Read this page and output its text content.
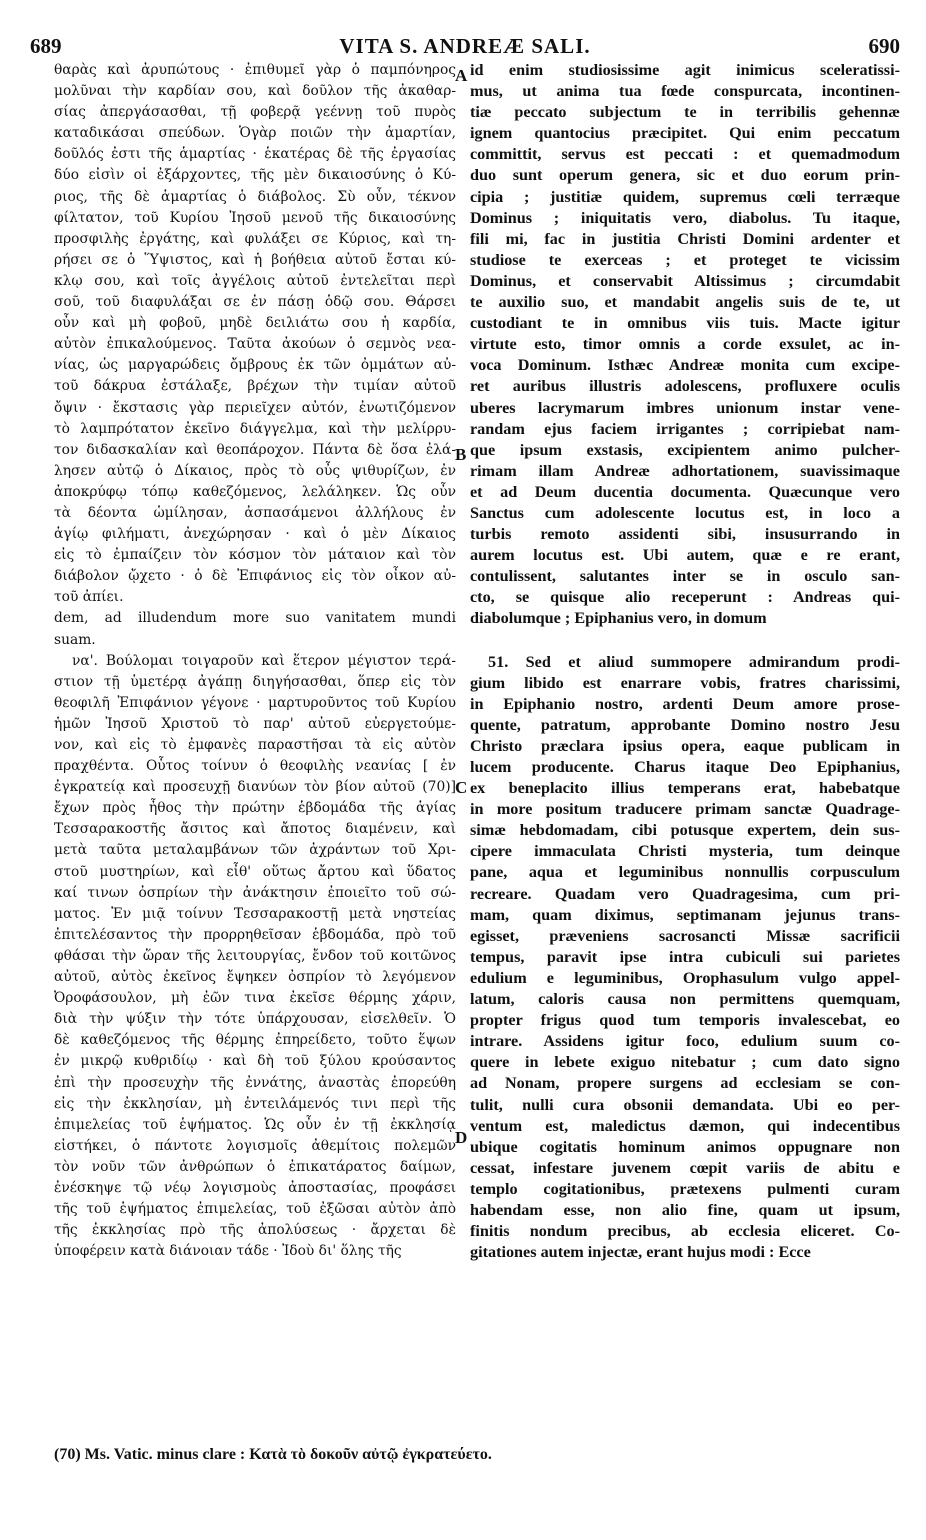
689	VITA S. ANDREÆ SALI.	690
θαρὰς καὶ ἀρυπώτους · ἐπιθυμεῖ γὰρ ὁ παμπόνηρος
μολῦναι τὴν καρδίαν σου, καὶ δοῦλον τῆς ἀκαθαρ-
σίας ἀπεργάσασθαι, τῇ φοβερᾷ γεέννῃ τοῦ πυρὸς
καταδικάσαι σπεύδων. Ὁγὰρ ποιῶν τὴν ἁμαρτίαν,
δοῦλός ἐστι τῆς ἁμαρτίας · ἑκατέρας δὲ τῆς ἐργασίας
δύο εἰσὶν οἱ ἐξάρχοντες, τῆς μὲν δικαιοσύνης ὁ Κύ-
ριος, τῆς δὲ ἁμαρτίας ὁ διάβολος. Σὺ οὖν, τέκνον
φίλτατον, τοῦ Κυρίου Ἰησοῦ μενοῦ τῆς δικαιοσύνης
προσφιλὴς ἐργάτης, καὶ φυλάξει σε Κύριος, καὶ τη-
ρήσει σε ὁ Ὕψιστος, καὶ ἡ βοήθεια αὐτοῦ ἔσται κύ-
κλῳ σου, καὶ τοῖς ἀγγέλοις αὐτοῦ ἐντελεῖται περὶ
σοῦ, τοῦ διαφυλάξαι σε ἐν πάσῃ ὁδῷ σου. Θάρσει
οὖν καὶ μὴ φοβοῦ, μηδὲ δειλιάτω σου ἡ καρδία,
αὐτὸν ἐπικαλούμενος. Ταῦτα ἀκούων ὁ σεμνὸς νεα-
νίας, ὡς μαργαρώδεις ὄμβρους ἐκ τῶν ὀμμάτων αὐ-
τοῦ δάκρυα ἐστάλαξε, βρέχων τὴν τιμίαν αὐτοῦ
ὄψιν · ἔκστασις γὰρ περιεῖχεν αὐτόν, ἐνωτιζόμενον
τὸ λαμπρότατον ἐκεῖνο διάγγελμα, καὶ τὴν μελίρρυ-
τον διδασκαλίαν καὶ θεοπάροχον. Πάντα δὲ ὅσα ἐλά-
λησεν αὐτῷ ὁ Δίκαιος, πρὸς τὸ οὖς ψιθυρίζων, ἐν
ἀποκρύφῳ τόπῳ καθεζόμενος, λελάληκεν. Ὡς οὖν
τὰ δέοντα ὡμίλησαν, ἀσπασάμενοι ἀλλήλους ἐν
ἁγίῳ φιλήματι, ἀνεχώρησαν · καὶ ὁ μὲν Δίκαιος
εἰς τὸ ἐμπαίζειν τὸν κόσμον τὸν μάταιον καὶ τὸν
διάβολον ᾤχετο · ὁ δὲ Ἐπιφάνιος εἰς τὸν οἶκον αὐ-
τοῦ ἀπίει.
dem, ad illudendum more suo vanitatem mundi
suam.
να'. Βούλομαι τοιγαροῦν καὶ ἕτερον μέγιστον τερά-
στιον τῇ ὑμετέρᾳ ἀγάπῃ διηγήσασθαι, ὅπερ εἰς τὸν
θεοφιλῆ Ἐπιφάνιον γέγονε · μαρτυροῦντος τοῦ Κυρίου
ἡμῶν Ἰησοῦ Χριστοῦ τὸ παρ' αὐτοῦ εὐεργετούμε-
νον, καὶ εἰς τὸ ἐμφανὲς παραστῆσαι τὰ εἰς αὐτὸν
πραχθέντα. Οὗτος τοίνυν ὁ θεοφιλὴς νεανίας [ ἐν
ἐγκρατείᾳ καὶ προσευχῇ διανύων τὸν βίον αὐτοῦ (70)]
ἔχων πρὸς ἦθος τὴν πρώτην ἑβδομάδα τῆς ἁγίας
Τεσσαρακοστῆς ἄσιτος καὶ ἄποτος διαμένειν, καὶ
μετὰ ταῦτα μεταλαμβάνων τῶν ἀχράντων τοῦ Χρι-
στοῦ μυστηρίων, καὶ εἶθ' οὕτως ἄρτου καὶ ὕδατος
καί τινων ὀσπρίων τὴν ἀνάκτησιν ἐποιεῖτο τοῦ σώ-
ματος. Ἐν μιᾷ τοίνυν Τεσσαρακοστῇ μετὰ νηστείας
ἐπιτελέσαντος τὴν προρρηθεῖσαν ἑβδομάδα, πρὸ τοῦ
φθάσαι τὴν ὥραν τῆς λειτουργίας, ἔνδον τοῦ κοιτῶνος
αὐτοῦ, αὐτὸς ἐκεῖνος ἔψηκεν ὀσπρίον τὸ λεγόμενον
Ὀροφάσουλον, μὴ ἐῶν τινα ἐκεῖσε θέρμης χάριν,
διὰ τὴν ψύξιν τὴν τότε ὑπάρχουσαν, εἰσελθεῖν. Ὁ
δὲ καθεζόμενος τῆς θέρμης ἐπηρείδετο, τοῦτο ἕψων
ἐν μικρῷ κυθριδίῳ · καὶ δὴ τοῦ ξύλου κρούσαντος
ἐπὶ τὴν προσευχὴν τῆς ἐννάτης, ἀναστὰς ἐπορεύθη
εἰς τὴν ἐκκλησίαν, μὴ ἐντειλάμενός τινι περὶ τῆς
ἐπιμελείας τοῦ ἑψήματος. Ὡς οὖν ἐν τῇ ἐκκλησίᾳ
εἰστήκει, ὁ πάντοτε λογισμοῖς ἀθεμίτοις πολεμῶν
τὸν νοῦν τῶν ἀνθρώπων ὁ ἐπικατάρατος δαίμων,
ἐνέσκηψε τῷ νέῳ λογισμοὺς ἀποστασίας, προφάσει
τῆς τοῦ ἑψήματος ἐπιμελείας, τοῦ ἐξῶσαι αὐτὸν ἀπὸ
τῆς ἐκκλησίας πρὸ τῆς ἀπολύσεως · ἄρχεται δὲ
ὑποφέρειν κατὰ διάνοιαν τάδε · Ἰδοὺ δι' ὅλης τῆς
id enim studiosissime agit inimicus sceleratissi-
mus, ut anima tua fœde conspurcata, incontinen-
tiæ peccato subjectum te in terribilis gehennæ
ignem quantocius præcipitet. Qui enim peccatum
committit, servus est peccati : et quemadmodum
duo sunt operum genera, sic et duo eorum prin-
cipia ; justitiæ quidem, supremus cœli terræque
Dominus ; iniquitatis vero, diabolus. Tu itaque,
fili mi, fac in justitia Christi Domini ardenter et
studiose te exerceas ; et proteget te vicissim
Dominus, et conservabit Altissimus ; circumdabit
te auxilio suo, et mandabit angelis suis de te, ut
custodiant te in omnibus viis tuis. Macte igitur
virtute esto, timor omnis a corde exsulet, ac in-
voca Dominum. Isthæc Andreæ monita cum excipe-
ret auribus illustris adolescens, profluxere oculis
uberes lacrymarum imbres unionum instar vene-
randam ejus faciem irrigantes ; corripiebat nam-
que ipsum exstasis, excipientem animo pulcher-
rimam illam Andreæ adhortationem, suavissimaque
et ad Deum ducentia documenta. Quæcunque vero
Sanctus cum adolescente locutus est, in loco a
turbis remoto assidenti sibi, insusurrando in
aurem locutus est. Ubi autem, quæ e re erant,
contulissent, salutantes inter se in osculo san-
cto, se quisque alio receperunt : Andreas qui-
diabolumque ; Epiphanius vero, in domum
51. Sed et aliud summopere admirandum prodi-
gium libido est enarrare vobis, fratres charissimi,
in Epiphanio nostro, ardenti Deum amore prose-
quente, patratum, approbante Domino nostro Jesu
Christo præclara ipsius opera, eaque publicam in
lucem producente. Charus itaque Deo Epiphanius,
ex beneplacito illius temperans erat, habebatque
in more positum traducere primam sanctæ Quadrage-
simæ hebdomadam, cibi potusque expertem, dein sus-
cipere immaculata Christi mysteria, tum deinque
pane, aqua et leguminibus nonnullis corpusculum
recreare. Quadam vero Quadragesima, cum pri-
mam, quam diximus, septimanam jejunus trans-
egisset, præveniens sacrosancti Missæ sacrificii
tempus, paravit ipse intra cubiculi sui parietes
edulium e leguminibus, Orophasulum vulgo appel-
latum, caloris causa non permittens quemquam,
propter frigus quod tum temporis invalescebat, eo
intrare. Assidens igitur foco, edulium suum co-
quere in lebete exiguo nitebatur ; cum dato signo
ad Nonam, propere surgens ad ecclesiam se con-
tulit, nulli cura obsonii demandata. Ubi eo per-
ventum est, maledictus dæmon, qui indecentibus
ubique cogitatis hominum animos oppugnare non
cessat, infestare juvenem cœpit variis de abitu e
templo cogitationibus, prætexens pulmenti curam
habendam esse, non alio fine, quam ut ipsum,
finitis nondum precibus, ab ecclesia eliceret. Co-
gitationes autem injectæ, erant hujus modi : Ecce
A
B
C
D
(70) Ms. Vatic. minus clare : Κατὰ τὸ δοκοῦν αὐτῷ ἐγκρατεύετο.
